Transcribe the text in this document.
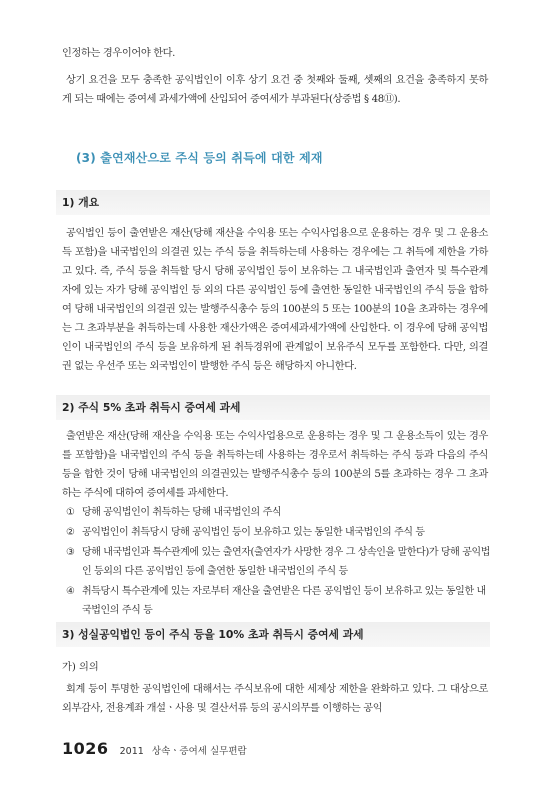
인정하는 경우이어야 한다.
상기 요건을 모두 충족한 공익법인이 이후 상기 요건 중 첫째와 둘째, 셋째의 요건을 충족하지 못하게 되는 때에는 증여세 과세가액에 산입되어 증여세가 부과된다(상증법 § 48⑪).
(3) 출연재산으로 주식 등의 취득에 대한 제재
1) 개요
공익법인 등이 출연받은 재산(당해 재산을 수익용 또는 수익사업용으로 운용하는 경우 및 그 운용소득 포함)을 내국법인의 의결권 있는 주식 등을 취득하는데 사용하는 경우에는 그 취득에 제한을 가하고 있다. 즉, 주식 등을 취득할 당시 당해 공익법인 등이 보유하는 그 내국법인과 출연자 및 특수관계자에 있는 자가 당해 공익법인 등 외의 다른 공익법인 등에 출연한 동일한 내국법인의 주식 등을 합하여 당해 내국법인의 의결권 있는 발행주식총수 등의 100분의 5 또는 100분의 10을 초과하는 경우에는 그 초과부분을 취득하는데 사용한 재산가액은 증여세과세가액에 산입한다. 이 경우에 당해 공익법인이 내국법인의 주식 등을 보유하게 된 취득경위에 관계없이 보유주식 모두를 포함한다. 다만, 의결권 없는 우선주 또는 외국법인이 발행한 주식 등은 해당하지 아니한다.
2) 주식 5% 초과 취득시 증여세 과세
출연받은 재산(당해 재산을 수익용 또는 수익사업용으로 운용하는 경우 및 그 운용소득이 있는 경우를 포함함)을 내국법인의 주식 등을 취득하는데 사용하는 경우로서 취득하는 주식 등과 다음의 주식 등을 합한 것이 당해 내국법인의 의결권있는 발행주식총수 등의 100분의 5를 초과하는 경우 그 초과하는 주식에 대하여 증여세를 과세한다.
① 당해 공익법인이 취득하는 당해 내국법인의 주식
② 공익법인이 취득당시 당해 공익법인 등이 보유하고 있는 동일한 내국법인의 주식 등
③ 당해 내국법인과 특수관계에 있는 출연자(출연자가 사망한 경우 그 상속인을 말한다)가 당해 공익법인 등외의 다른 공익법인 등에 출연한 동일한 내국법인의 주식 등
④ 취득당시 특수관계에 있는 자로부터 재산을 출연받은 다른 공익법인 등이 보유하고 있는 동일한 내국법인의 주식 등
3) 성실공익법인 등이 주식 등을 10% 초과 취득시 증여세 과세
가) 의의
회계 등이 투명한 공익법인에 대해서는 주식보유에 대한 세제상 제한을 완화하고 있다. 그 대상으로 외부감사, 전용계좌 개설ㆍ사용 및 결산서류 등의 공시의무를 이행하는 공익
1026 2011 상속ㆍ증여세 실무편람
